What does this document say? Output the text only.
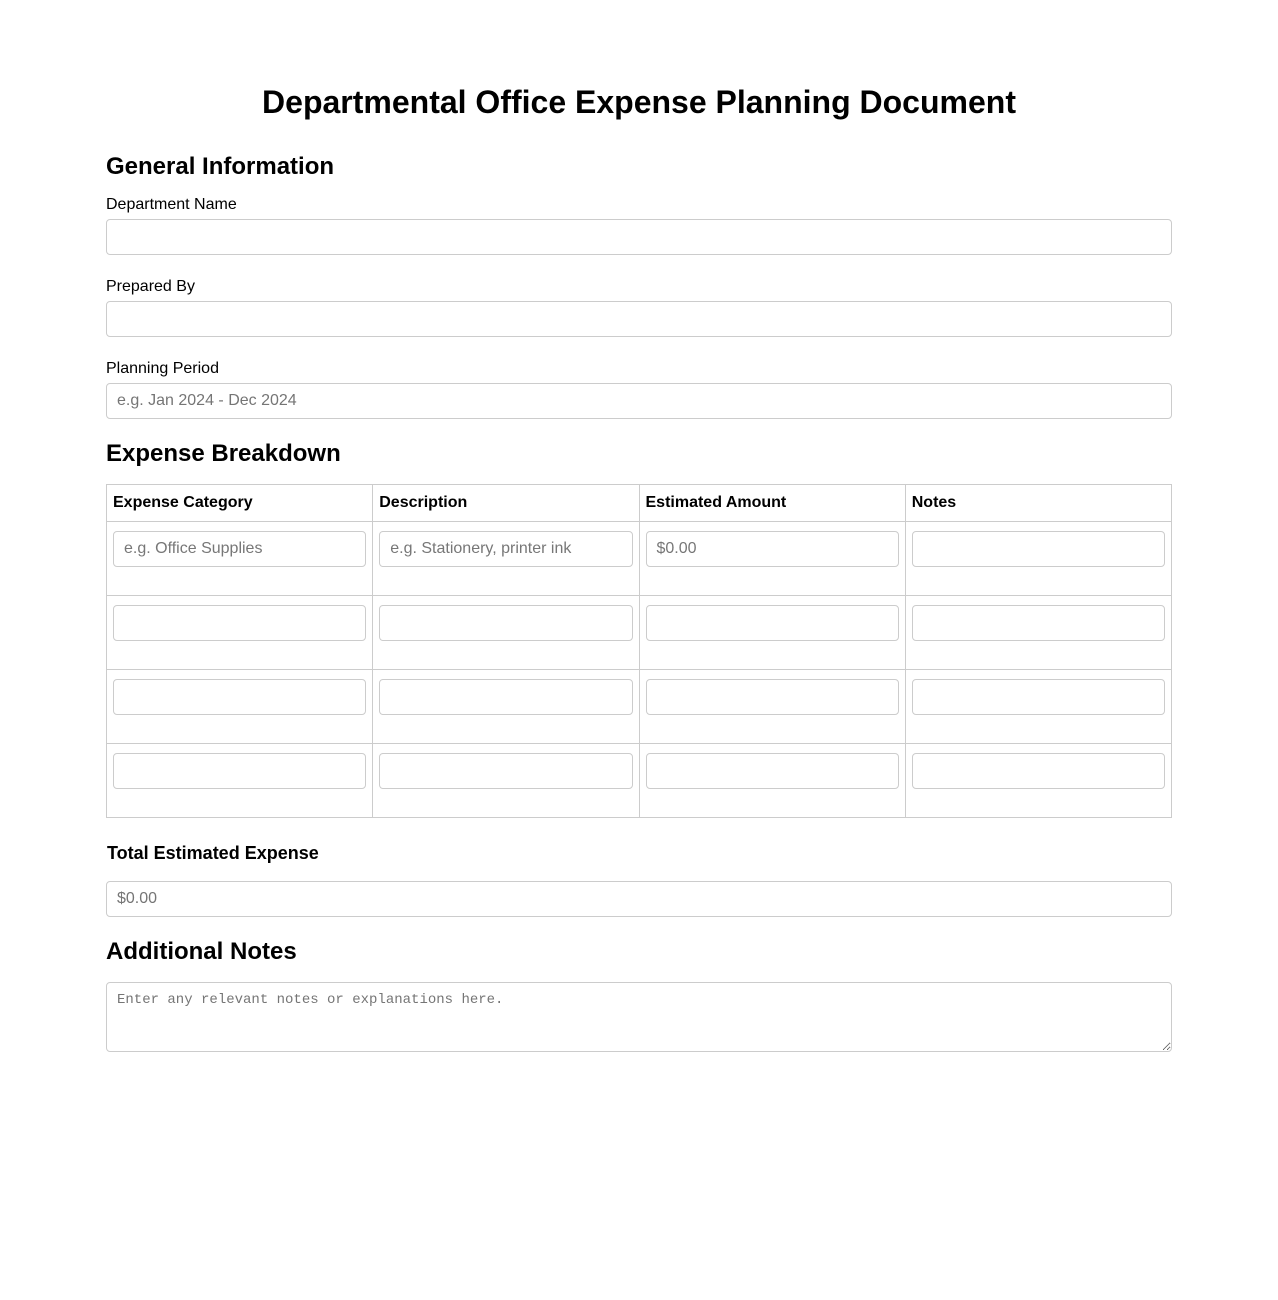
Departmental Office Expense Planning Document
General Information
Department Name
Prepared By
Planning Period
e.g. Jan 2024 - Dec 2024
Expense Breakdown
Expense Category	Description	Estimated Amount	Notes

e.g. Office Supplies	e.g. Stationery, printer ink	$0.00

Total Estimated Expense
$0.00
Additional Notes
Enter any relevant notes or explanations here.
